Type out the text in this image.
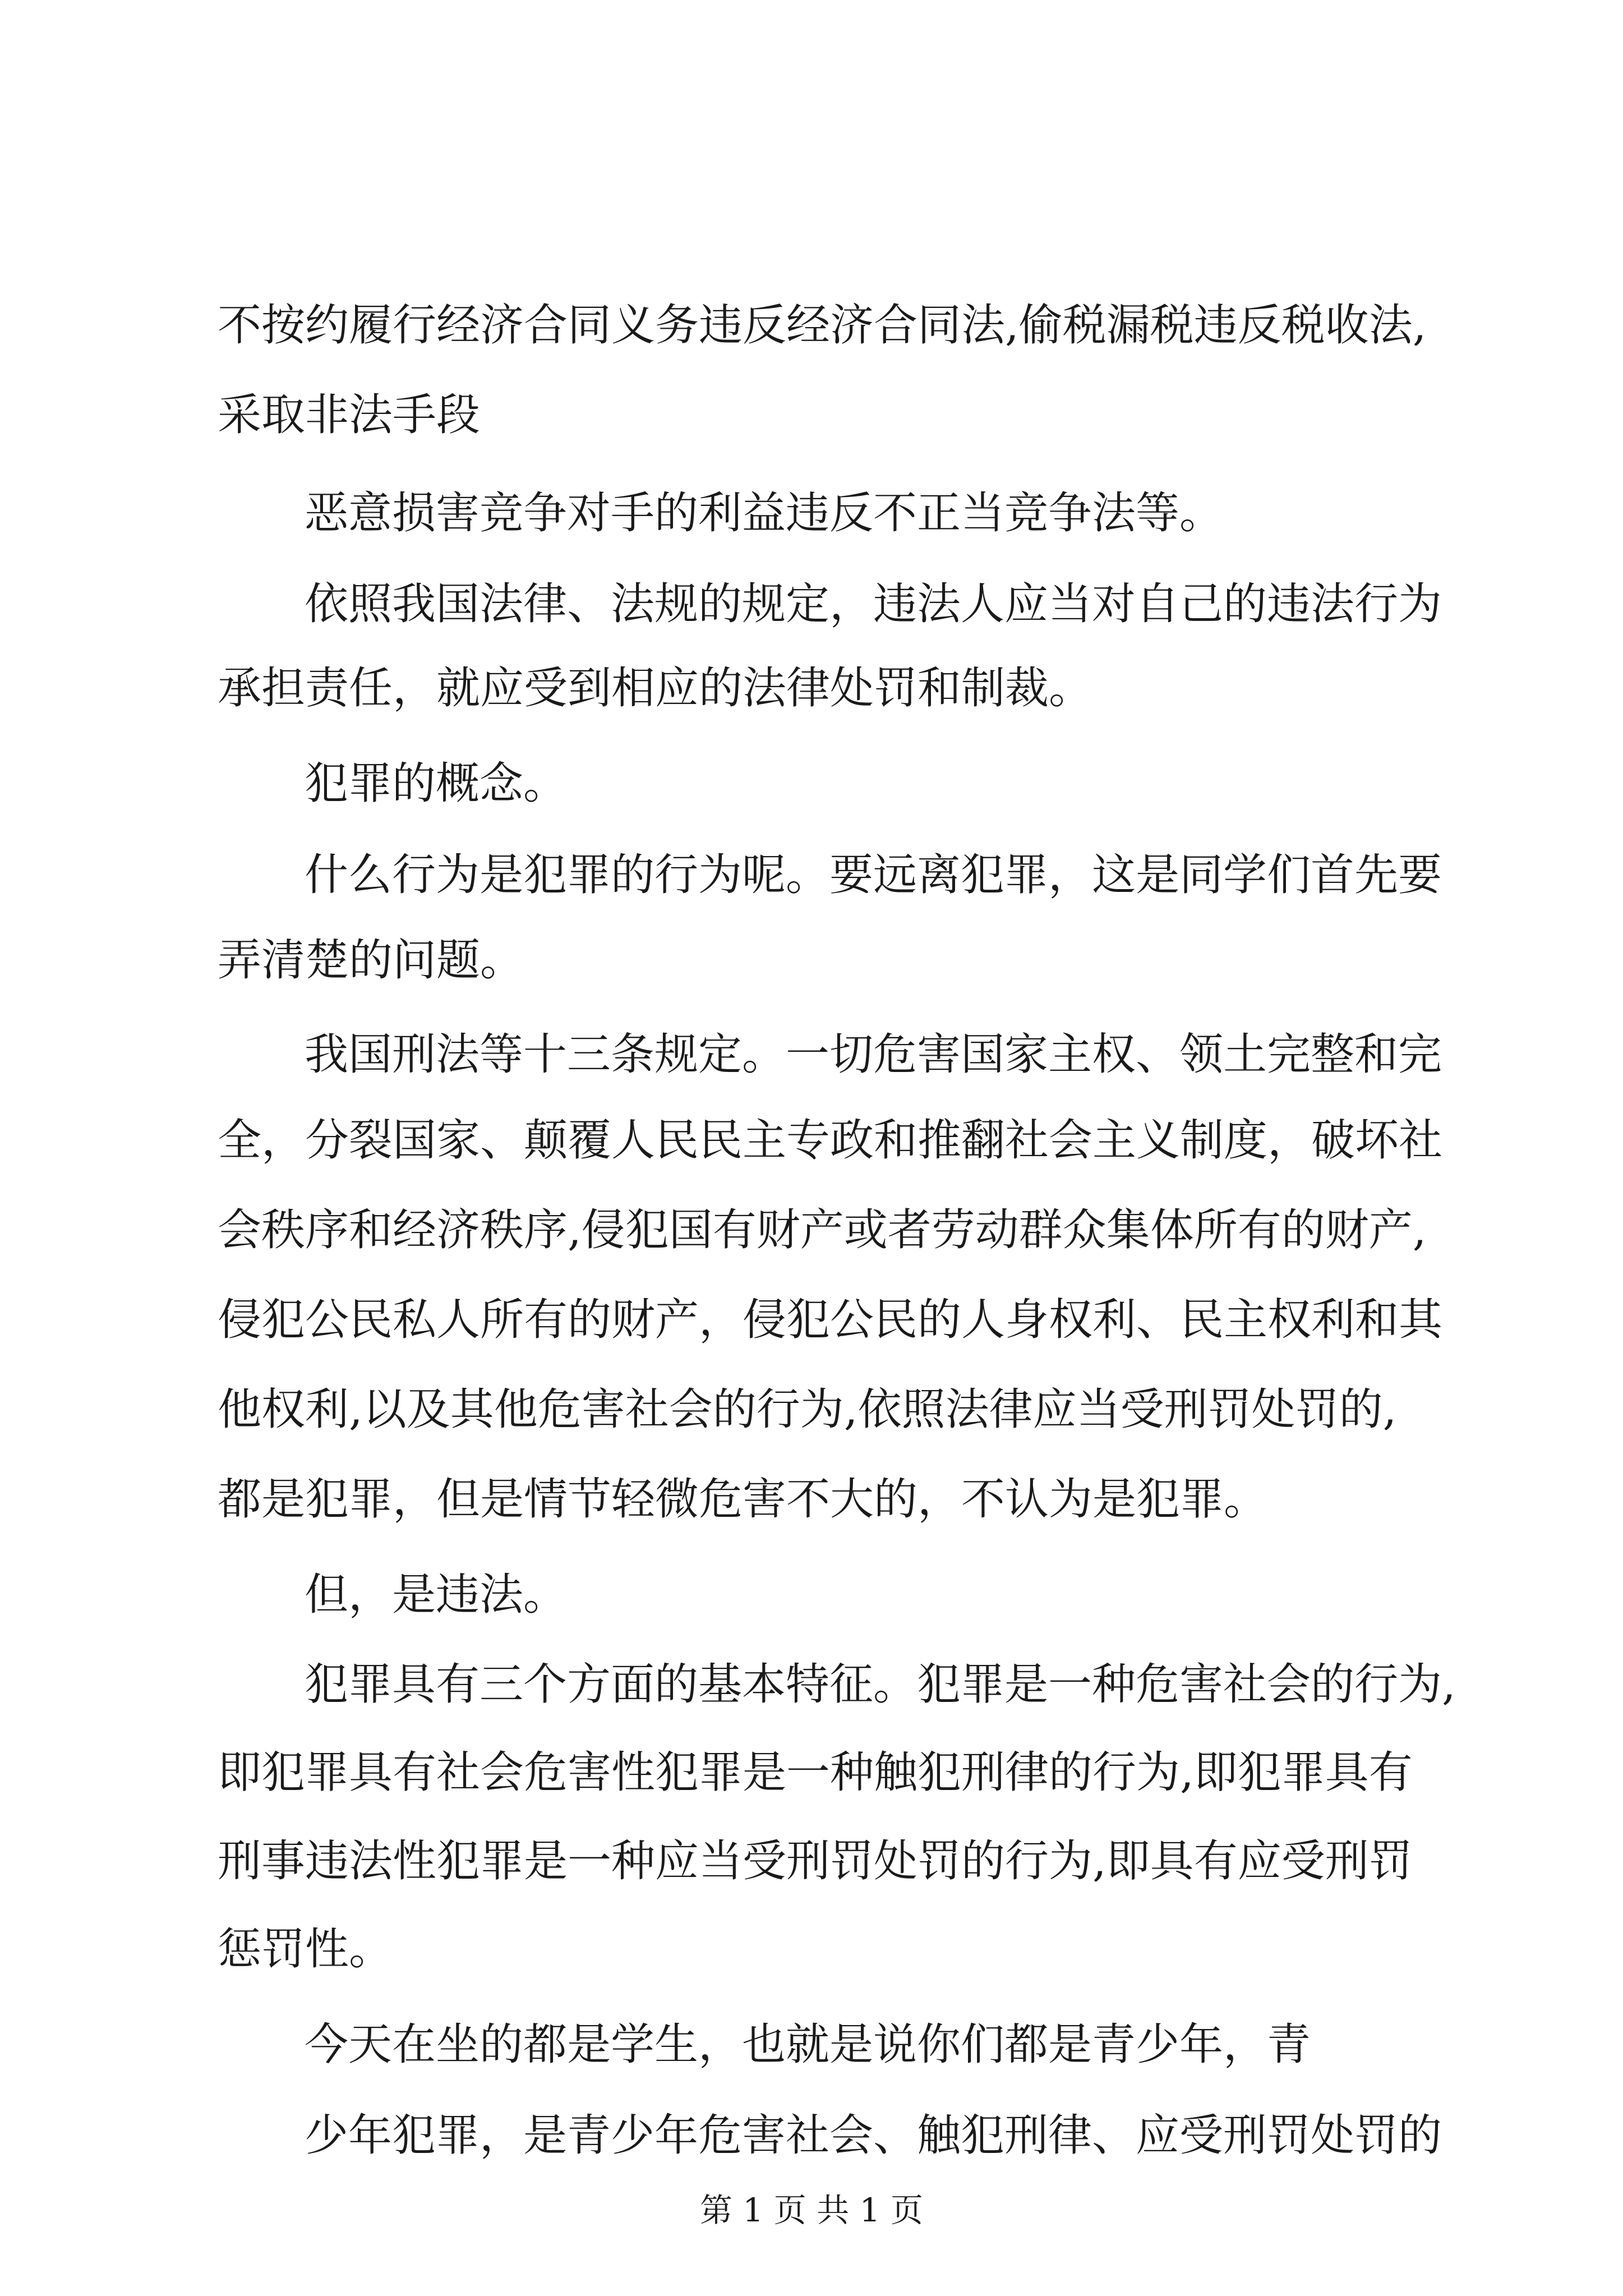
不按约履行经济合同义务违反经济合同法,偷税漏税违反税收法,
采取非法手段
恶意损害竞争对手的利益违反不正当竞争法等。
依照我国法律、法规的规定，违法人应当对自己的违法行为
承担责任，就应受到相应的法律处罚和制裁。
犯罪的概念。
什么行为是犯罪的行为呢。要远离犯罪，这是同学们首先要
弄清楚的问题。
我国刑法等十三条规定。一切危害国家主权、领土完整和完
全，分裂国家、颠覆人民民主专政和推翻社会主义制度，破坏社
会秩序和经济秩序,侵犯国有财产或者劳动群众集体所有的财产,
侵犯公民私人所有的财产，侵犯公民的人身权利、民主权利和其
他权利,以及其他危害社会的行为,依照法律应当受刑罚处罚的,
都是犯罪，但是情节轻微危害不大的，不认为是犯罪。
但，是违法。
犯罪具有三个方面的基本特征。犯罪是一种危害社会的行为,
即犯罪具有社会危害性犯罪是一种触犯刑律的行为,即犯罪具有
刑事违法性犯罪是一种应当受刑罚处罚的行为,即具有应受刑罚
惩罚性。
今天在坐的都是学生，也就是说你们都是青少年，青
少年犯罪，是青少年危害社会、触犯刑律、应受刑罚处罚的
第 1 页 共 1 页
